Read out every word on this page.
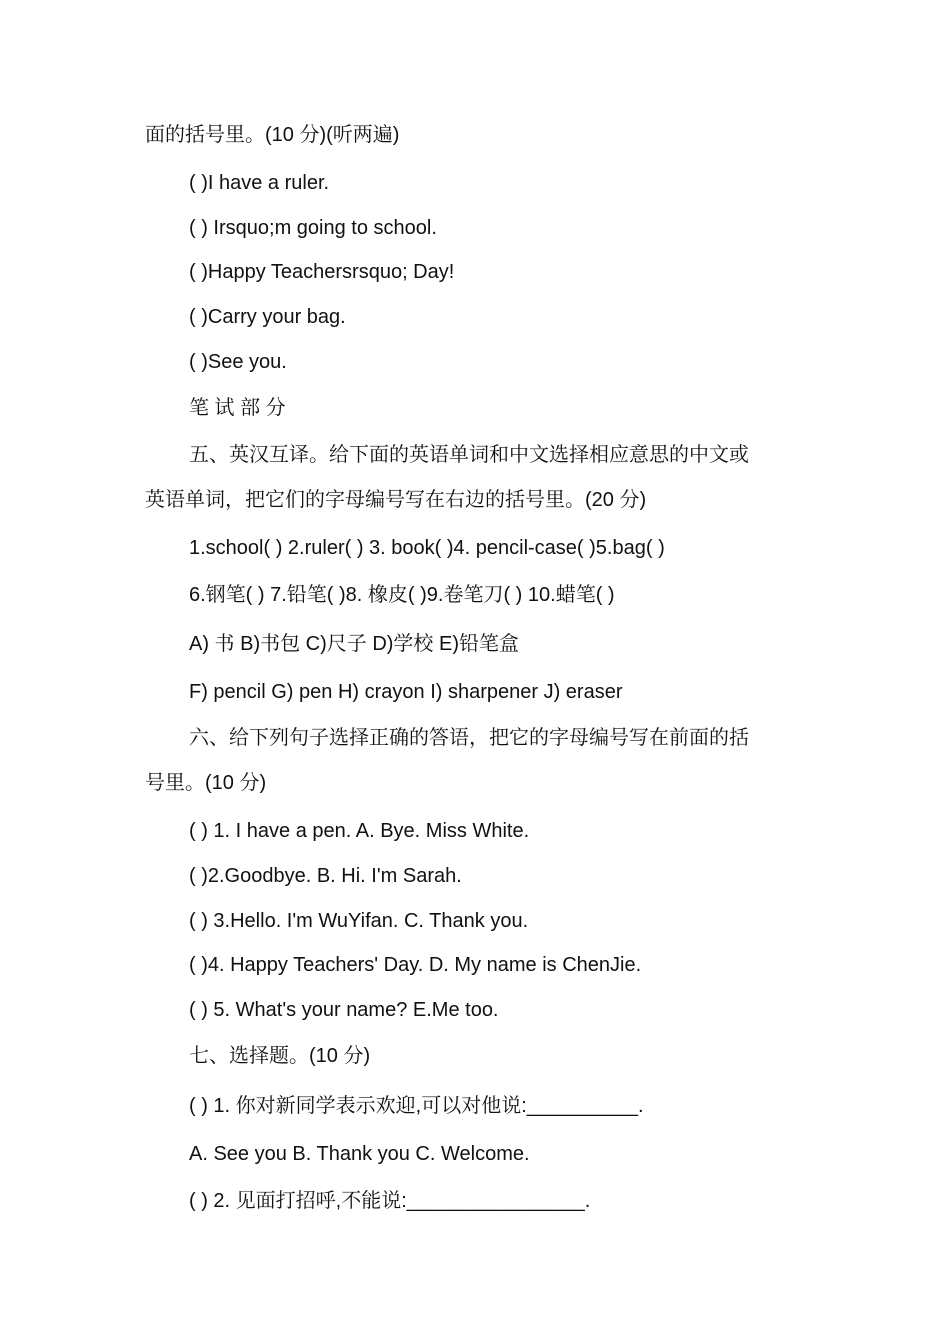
面的括号里。(10 分)(听两遍)
( )I have a ruler.
( ) Irsquo;m going to school.
( )Happy Teachersrsquo; Day!
( )Carry your bag.
( )See you.
笔 试 部 分
五、英汉互译。给下面的英语单词和中文选择相应意思的中文或
英语单词，把它们的字母编号写在右边的括号里。(20 分)
1.school( ) 2.ruler( ) 3. book( )4. pencil-case( )5.bag( )
6.钢笔( ) 7.铅笔( )8. 橡皮( )9.卷笔刀( ) 10.蜡笔( )
A) 书 B)书包 C)尺子 D)学校 E)铅笔盒
F) pencil G) pen H) crayon I) sharpener J) eraser
六、给下列句子选择正确的答语，把它的字母编号写在前面的括
号里。(10 分)
( ) 1. I have a pen. A. Bye. Miss White.
( )2.Goodbye. B. Hi. I'm Sarah.
( ) 3.Hello. I'm WuYifan. C. Thank you.
( )4. Happy Teachers' Day. D. My name is ChenJie.
( ) 5. What's your name? E.Me too.
七、选择题。(10 分)
( ) 1. 你对新同学表示欢迎,可以对他说:__________.
A. See you B. Thank you C. Welcome.
( ) 2. 见面打招呼,不能说:________________.
